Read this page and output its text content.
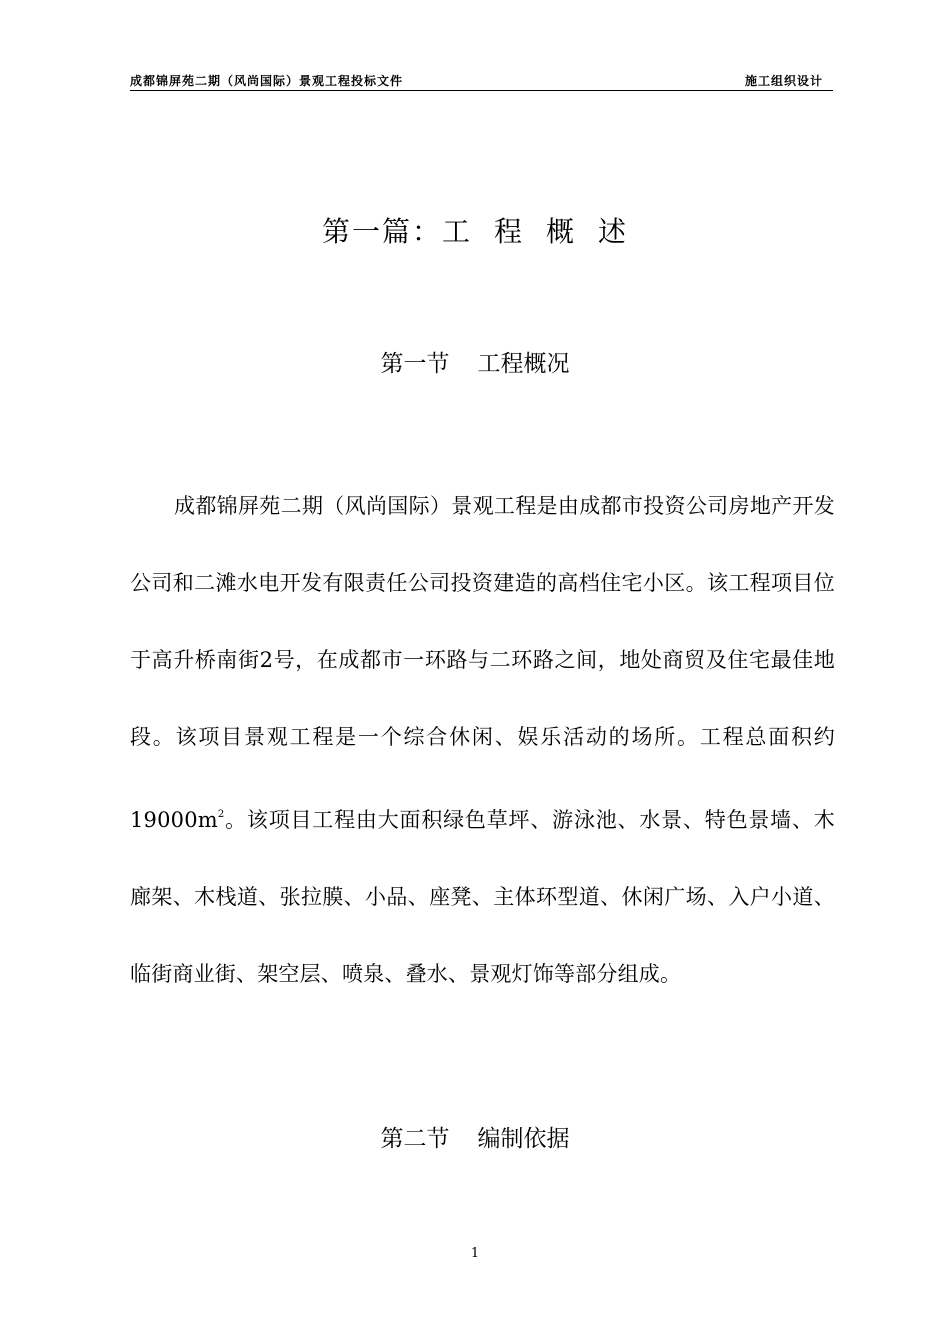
成都锦屏苑二期（风尚国际）景观工程投标文件	施工组织设计
第一篇：工 程 概 述
第一节 工程概况
成都锦屏苑二期（风尚国际）景观工程是由成都市投资公司房地产开发公司和二滩水电开发有限责任公司投资建造的高档住宅小区。该工程项目位于高升桥南街2号，在成都市一环路与二环路之间，地处商贸及住宅最佳地段。该项目景观工程是一个综合休闲、娱乐活动的场所。工程总面积约$19000m^2$。该项目工程由大面积绿色草坪、游泳池、水景、特色景墙、木廊架、木栈道、张拉膜、小品、座凳、主体环型道、休闲广场、入户小道、临街商业街、架空层、喷泉、叠水、景观灯饰等部分组成。
第二节 编制依据
1
